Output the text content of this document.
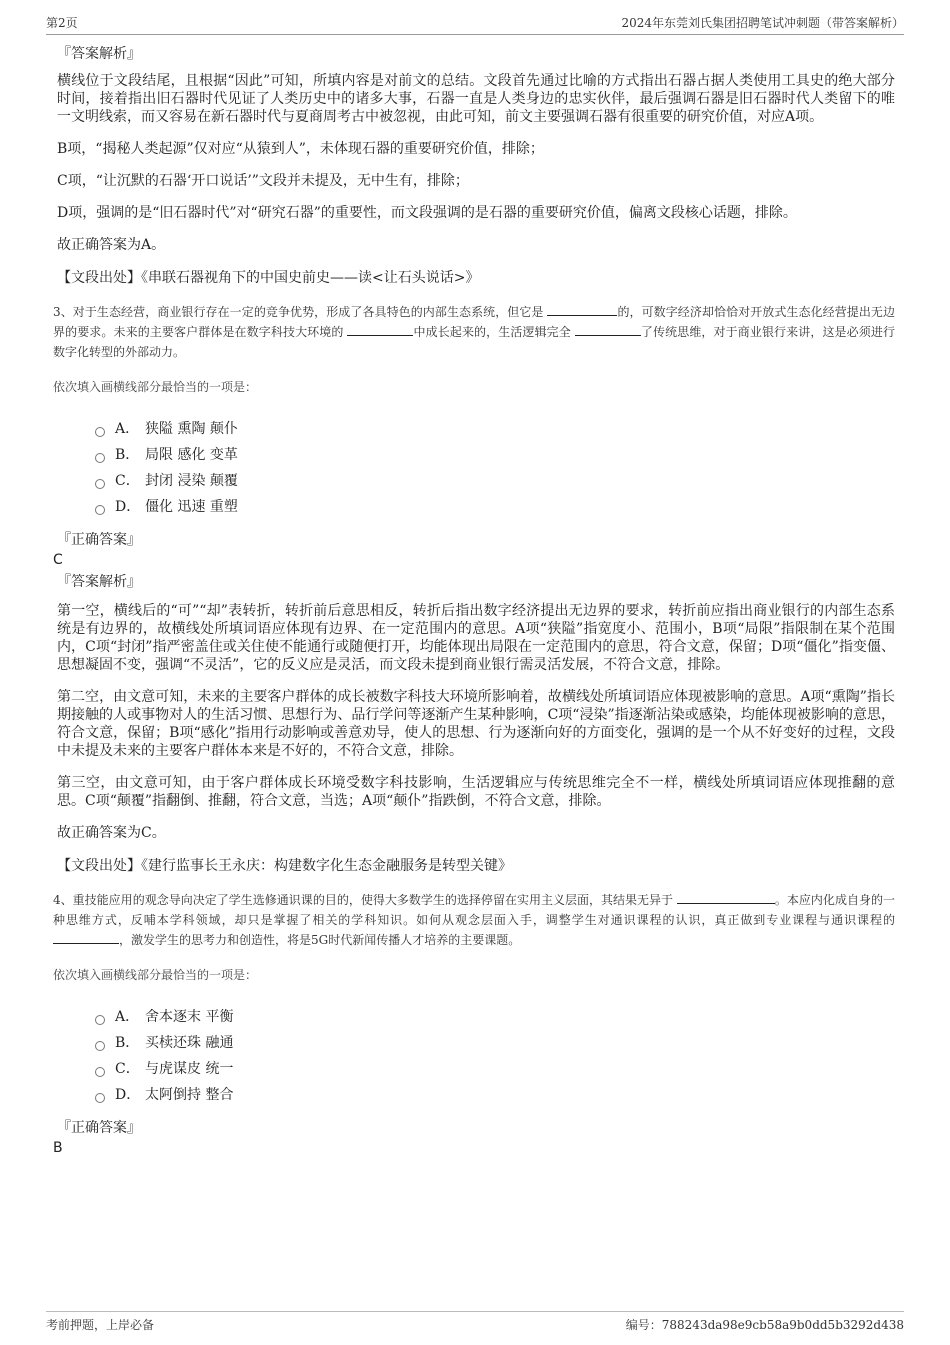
第2页	2024年东莞刘氏集团招聘笔试冲刺题（带答案解析）

『答案解析』

横线位于文段结尾，且根据“因此”可知，所填内容是对前文的总结。文段首先通过比喻的方式指出石器占据人类使用工具史的绝大部分时间，接着指出旧石器时代见证了人类历史中的诸多大事，石器一直是人类身边的忠实伙伴，最后强调石器是旧石器时代人类留下的唯一文明线索，而又容易在新石器时代与夏商周考古中被忽视，由此可知，前文主要强调石器有很重要的研究价值，对应A项。

B项，“揭秘人类起源”仅对应“从猿到人”，未体现石器的重要研究价值，排除；

C项，“让沉默的石器‘开口说话’”文段并未提及，无中生有，排除；

D项，强调的是“旧石器时代”对“研究石器”的重要性，而文段强调的是石器的重要研究价值，偏离文段核心话题，排除。

故正确答案为A。

【文段出处】《串联石器视角下的中国史前史——读<让石头说话>》

3、对于生态经营，商业银行存在一定的竞争优势，形成了各具特色的内部生态系统，但它是	的，可数字经济却恰恰对开放式生态化经营提出无边界的要求。未来的主要客户群体是在数字科技大环境的	中成长起来的，生活逻辑完全	了传统思维，对于商业银行来讲，这是必须进行数字化转型的外部动力。

依次填入画横线部分最恰当的一项是：

A． 狭隘 熏陶 颠仆
B． 局限 感化 变革
C． 封闭 浸染 颠覆
D． 僵化 迅速 重塑

『正确答案』

C

『答案解析』

第一空，横线后的“可”“却”表转折，转折前后意思相反，转折后指出数字经济提出无边界的要求，转折前应指出商业银行的内部生态系统是有边界的，故横线处所填词语应体现有边界、在一定范围内的意思。A项“狭隘”指宽度小、范围小，B项“局限”指限制在某个范围内，C项“封闭”指严密盖住或关住使不能通行或随便打开，均能体现出局限在一定范围内的意思，符合文意，保留；D项“僵化”指变僵、思想凝固不变，强调“不灵活”，它的反义应是灵活，而文段未提到商业银行需灵活发展，不符合文意，排除。

第二空，由文意可知，未来的主要客户群体的成长被数字科技大环境所影响着，故横线处所填词语应体现被影响的意思。A项“熏陶”指长期接触的人或事物对人的生活习惯、思想行为、品行学问等逐渐产生某种影响，C项“浸染”指逐渐沾染或感染，均能体现被影响的意思，符合文意，保留；B项“感化”指用行动影响或善意劝导，使人的思想、行为逐渐向好的方面变化，强调的是一个从不好变好的过程，文段中未提及未来的主要客户群体本来是不好的，不符合文意，排除。

第三空，由文意可知，由于客户群体成长环境受数字科技影响，生活逻辑应与传统思维完全不一样，横线处所填词语应体现推翻的意思。C项“颠覆”指翻倒、推翻，符合文意，当选；A项“颠仆”指跌倒，不符合文意，排除。

故正确答案为C。

【文段出处】《建行监事长王永庆：构建数字化生态金融服务是转型关键》

4、重技能应用的观念导向决定了学生选修通识课的目的，使得大多数学生的选择停留在实用主义层面，其结果无异于	。本应内化成自身的一种思维方式，反哺本学科领域，却只是掌握了相关的学科知识。如何从观念层面入手，调整学生对通识课程的认识，真正做到专业课程与通识课程的 ，激发学生的思考力和创造性，将是5G时代新闻传播人才培养的主要课题。

依次填入画横线部分最恰当的一项是：

A． 舍本逐末 平衡
B． 买椟还珠 融通
C． 与虎谋皮 统一
D． 太阿倒持 整合

『正确答案』

B

考前押题，上岸必备	编号：788243da98e9cb58a9b0dd5b3292d438
